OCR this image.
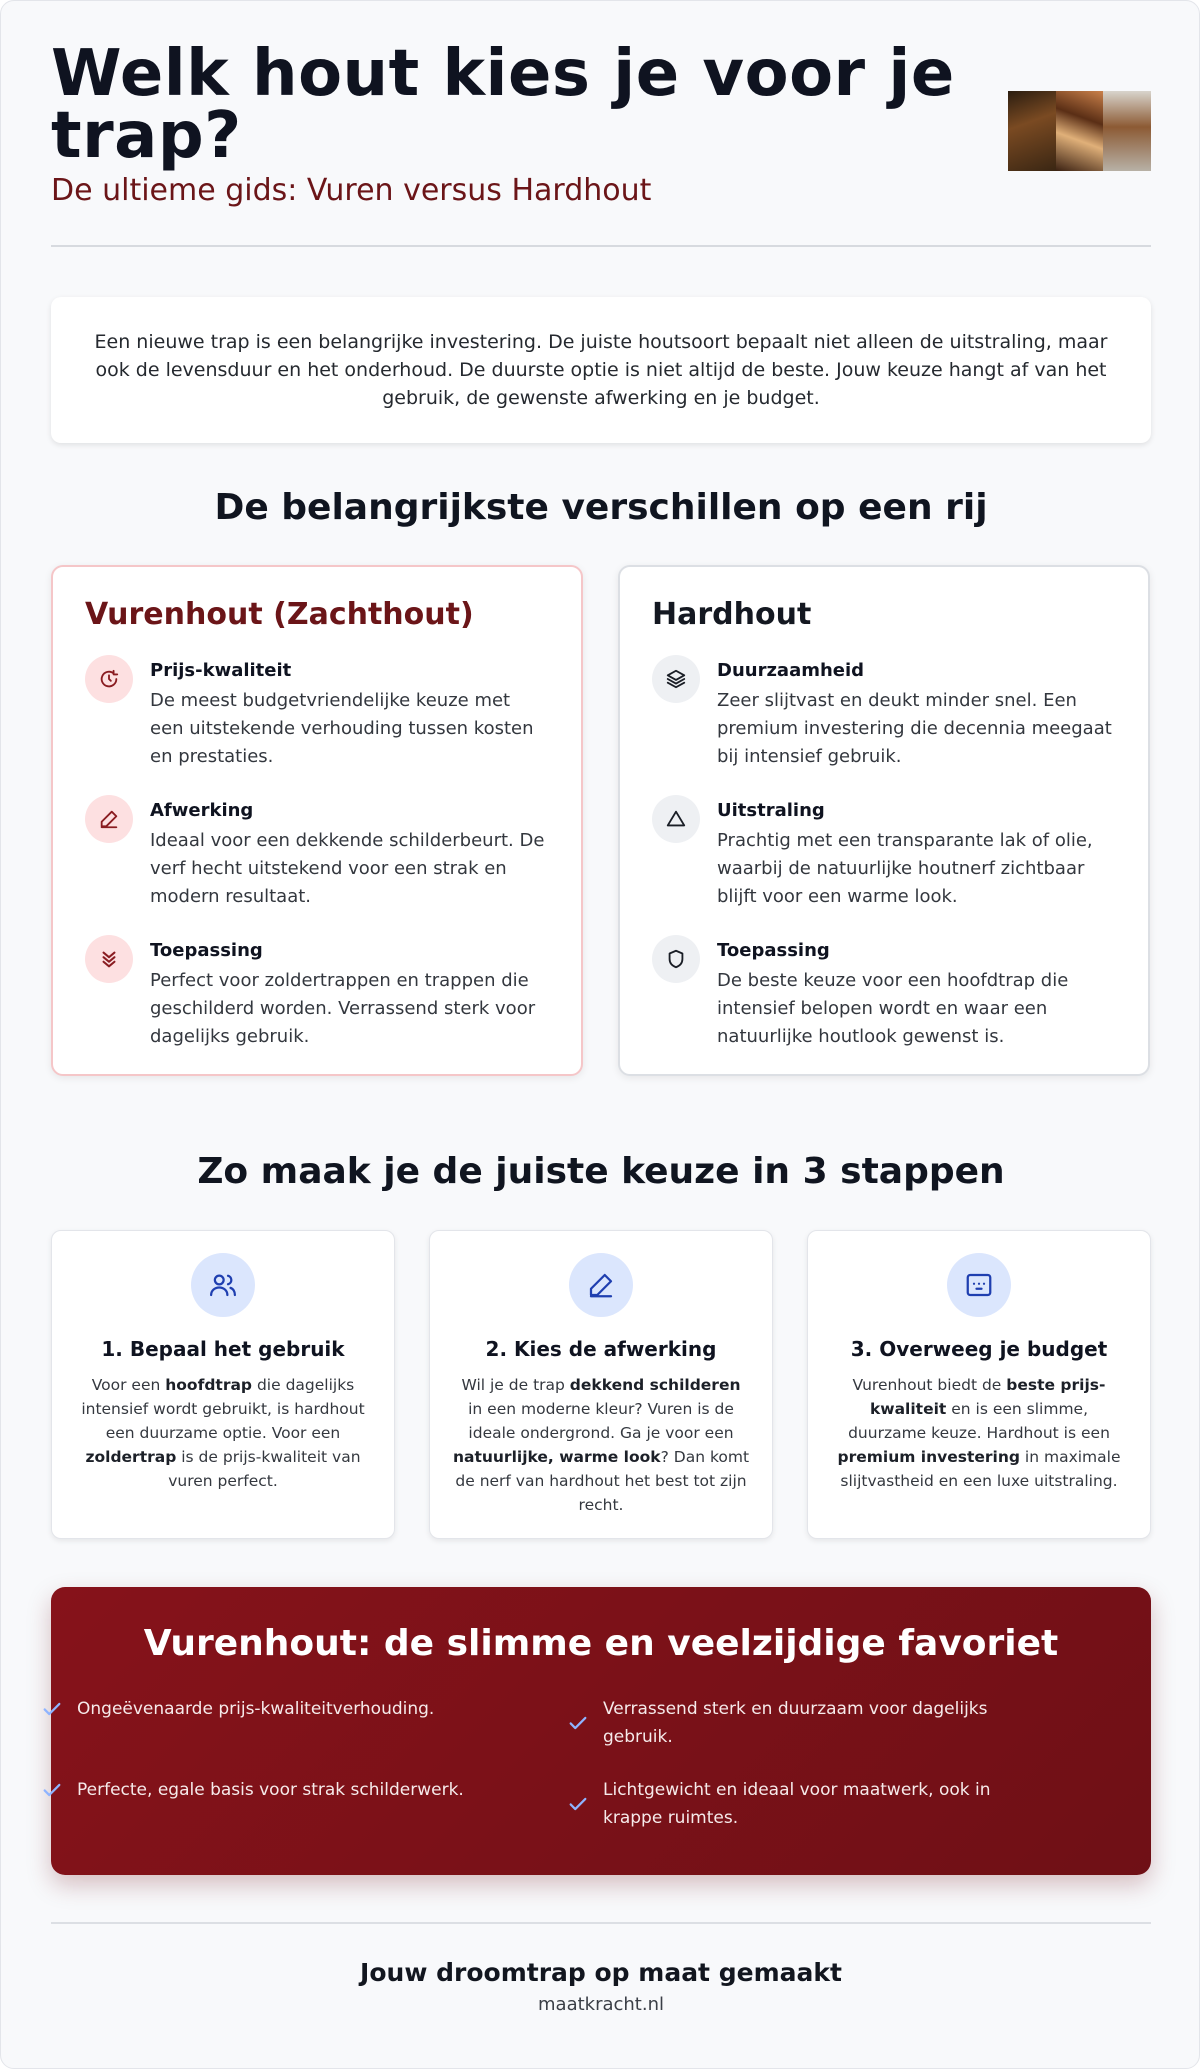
Welk hout kies je voor je trap?
De ultieme gids: Vuren versus Hardhout

Een nieuwe trap is een belangrijke investering. De juiste houtsoort bepaalt niet alleen de uitstraling, maar ook de levensduur en het onderhoud. De duurste optie is niet altijd de beste. Jouw keuze hangt af van het gebruik, de gewenste afwerking en je budget.

De belangrijkste verschillen op een rij
Vurenhout (Zachthout)
Prijs-kwaliteit
De meest budgetvriendelijke keuze met een uitstekende verhouding tussen kosten en prestaties.
Afwerking
Ideaal voor een dekkende schilderbeurt. De verf hecht uitstekend voor een strak en modern resultaat.
Toepassing
Perfect voor zoldertrappen en trappen die geschilderd worden. Verrassend sterk voor dagelijks gebruik.
Hardhout
Duurzaamheid
Zeer slijtvast en deukt minder snel. Een premium investering die decennia meegaat bij intensief gebruik.
Uitstraling
Prachtig met een transparante lak of olie, waarbij de natuurlijke houtnerf zichtbaar blijft voor een warme look.
Toepassing
De beste keuze voor een hoofdtrap die intensief belopen wordt en waar een natuurlijke houtlook gewenst is.
Zo maak je de juiste keuze in 3 stappen
1. Bepaal het gebruik
Voor een hoofdtrap die dagelijks intensief wordt gebruikt, is hardhout een duurzame optie. Voor een zoldertrap is de prijs-kwaliteit van vuren perfect.
2. Kies de afwerking
Wil je de trap dekkend schilderen in een moderne kleur? Vuren is de ideale ondergrond. Ga je voor een natuurlijke, warme look? Dan komt de nerf van hardhout het best tot zijn recht.
3. Overweeg je budget
Vurenhout biedt de beste prijs-kwaliteit en is een slimme, duurzame keuze. Hardhout is een premium investering in maximale slijtvastheid en een luxe uitstraling.
Vurenhout: de slimme en veelzijdige favoriet
Ongeëvenaarde prijs-kwaliteitverhouding.	Verrassend sterk en duurzaam voor dagelijks gebruik.
Perfecte, egale basis voor strak schilderwerk.	Lichtgewicht en ideaal voor maatwerk, ook in krappe ruimtes.
Jouw droomtrap op maat gemaakt
maatkracht.nl
